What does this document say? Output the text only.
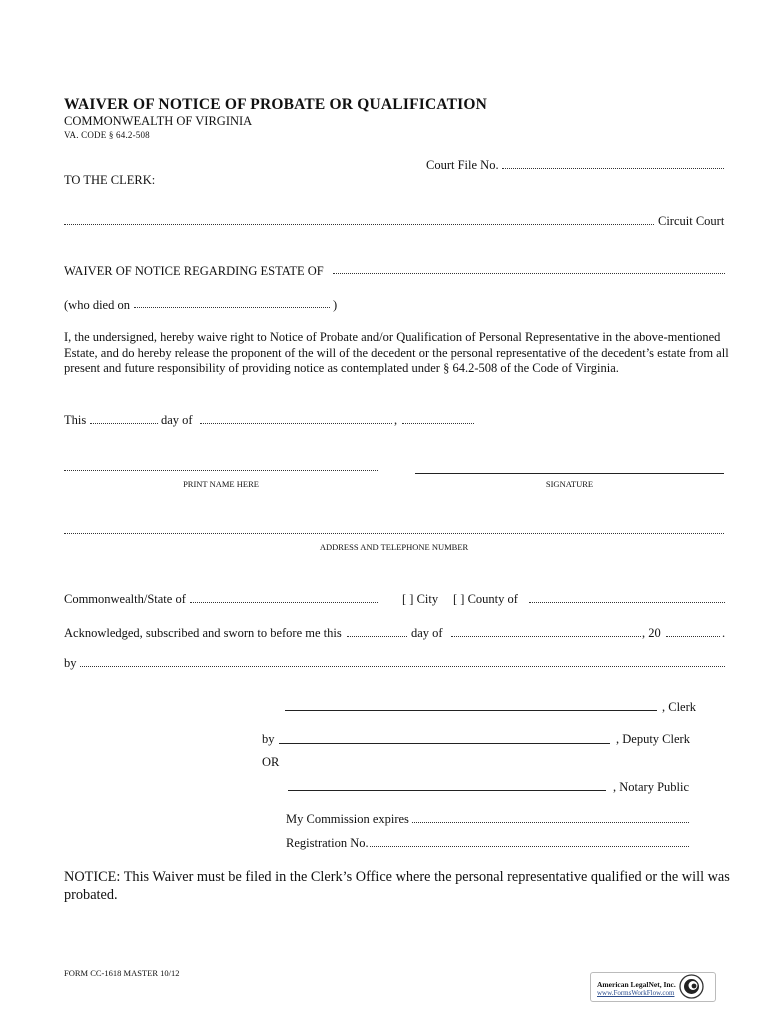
WAIVER OF NOTICE OF PROBATE OR QUALIFICATION
COMMONWEALTH OF VIRGINIA
VA. CODE § 64.2-508
Court File No.
TO THE CLERK:
Circuit Court
WAIVER OF NOTICE REGARDING ESTATE OF
(who died on	)
I, the undersigned, hereby waive right to Notice of Probate and/or Qualification of Personal Representative in the above-mentioned Estate, and do hereby release the proponent of the will of the decedent or the personal representative of the decedent’s estate from all present and future responsibility of providing notice as contemplated under § 64.2-508 of the Code of Virginia.
This	day of	,
PRINT NAME HERE	SIGNATURE
ADDRESS AND TELEPHONE NUMBER
Commonwealth/State of	[ ] City [ ] County of
Acknowledged, subscribed and sworn to before me this	day of	, 20	.
by
, Clerk
by	, Deputy Clerk
OR
, Notary Public
My Commission expires
Registration No.
NOTICE: This Waiver must be filed in the Clerk’s Office where the personal representative qualified or the will was probated.
FORM CC-1618 MASTER 10/12
American LegalNet, Inc.
www.FormsWorkFlow.com
